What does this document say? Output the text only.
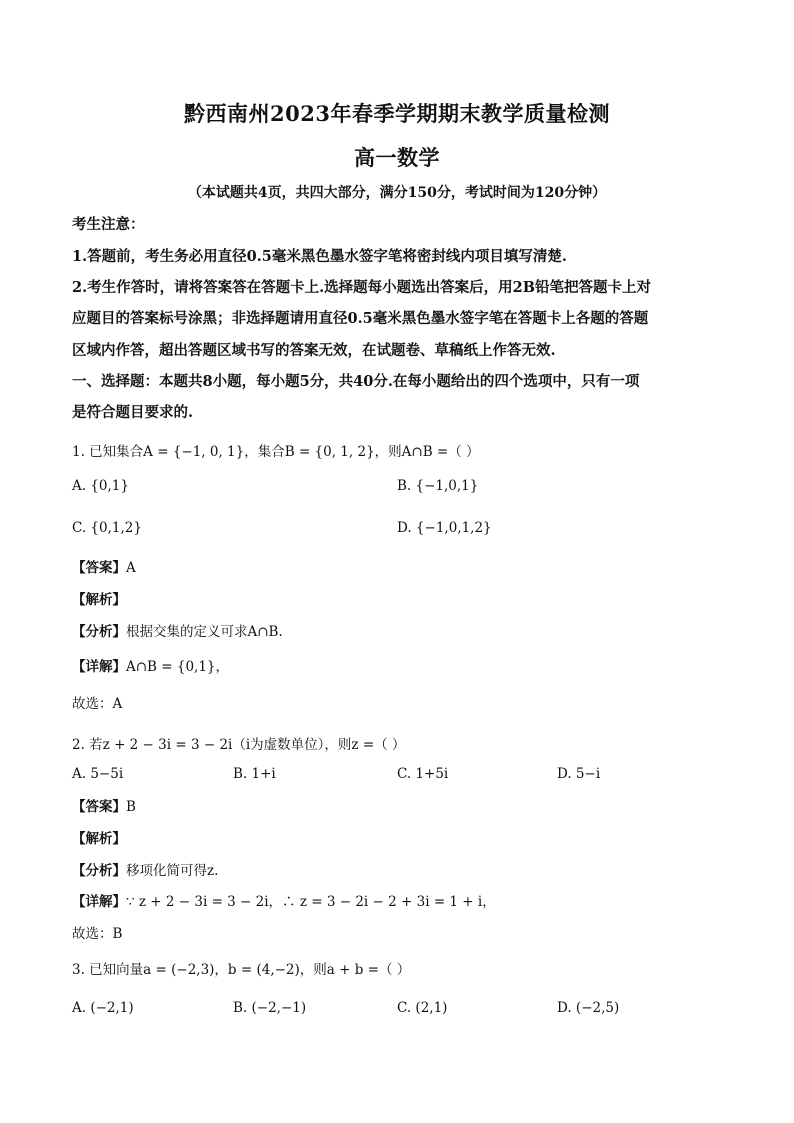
黔西南州2023年春季学期期末教学质量检测
高一数学
（本试题共4页，共四大部分，满分150分，考试时间为120分钟）
考生注意：
1.答题前，考生务必用直径0.5毫米黑色墨水签字笔将密封线内项目填写清楚.
2.考生作答时，请将答案答在答题卡上.选择题每小题选出答案后，用2B铅笔把答题卡上对
应题目的答案标号涂黑；非选择题请用直径0.5毫米黑色墨水签字笔在答题卡上各题的答题
区域内作答，超出答题区域书写的答案无效，在试题卷、草稿纸上作答无效.
一、选择题：本题共8小题，每小题5分，共40分.在每小题给出的四个选项中，只有一项
是符合题目要求的.
1. 已知集合A = {−1, 0, 1}，集合B = {0, 1, 2}，则A∩B =（ ）
A. {0,1}	B. {−1,0,1}
C. {0,1,2}	D. {−1,0,1,2}
【答案】A
【解析】
【分析】根据交集的定义可求A∩B.
【详解】A∩B = {0,1}，
故选：A
2. 若z + 2 − 3i = 3 − 2i（i为虚数单位），则z =（ ）
A. 5−5i	B. 1+i	C. 1+5i	D. 5−i
【答案】B
【解析】
【分析】移项化简可得z.
【详解】∵ z + 2 − 3i = 3 − 2i，∴ z = 3 − 2i − 2 + 3i = 1 + i，
故选：B
3. 已知向量a = (−2,3)，b = (4,−2)，则a + b =（ ）
A. (−2,1)	B. (−2,−1)	C. (2,1)	D. (−2,5)
